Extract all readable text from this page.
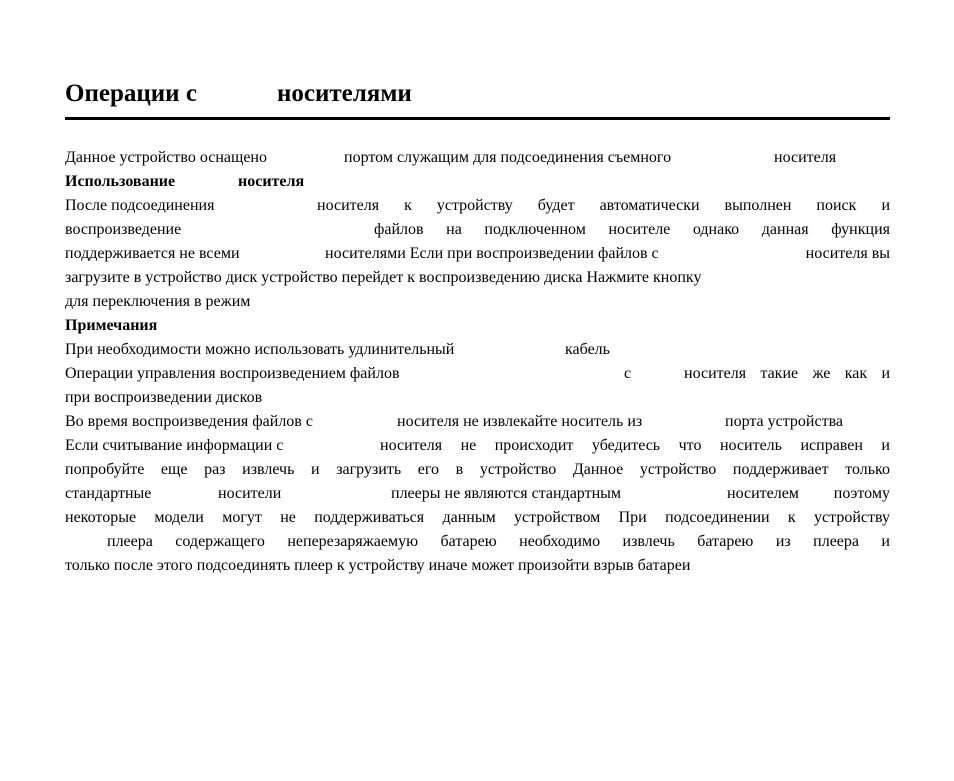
Операции с	носителями
Данное устройство оснащено	портом служащим для подсоединения съемного	носителя
Использование	носителя
После подсоединения	носителя к устройству будет автоматически выполнен поиск и
воспроизведение	файлов на подключенном носителе однако данная функция
поддерживается не всеми	носителями Если при воспроизведении файлов с	носителя вы
загрузите в устройство диск устройство перейдет к воспроизведению диска Нажмите кнопку
для переключения в режим
Примечания
При необходимости можно использовать удлинительный	кабель
Операции управления воспроизведением файлов	с	носителя такие же как и
при воспроизведении дисков
Во время воспроизведения файлов с	носителя не извлекайте носитель из	порта устройства
Если считывание информации с	носителя не происходит убедитесь что носитель исправен и
попробуйте еще раз извлечь и загрузить его в устройство Данное устройство поддерживает только
стандартные	носители	плееры не являются стандартным	носителем поэтому
некоторые модели могут не поддерживаться данным устройством При подсоединении к устройству
плеера содержащего неперезаряжаемую батарею необходимо извлечь батарею из плеера и
только после этого подсоединять плеер к устройству иначе может произойти взрыв батареи
